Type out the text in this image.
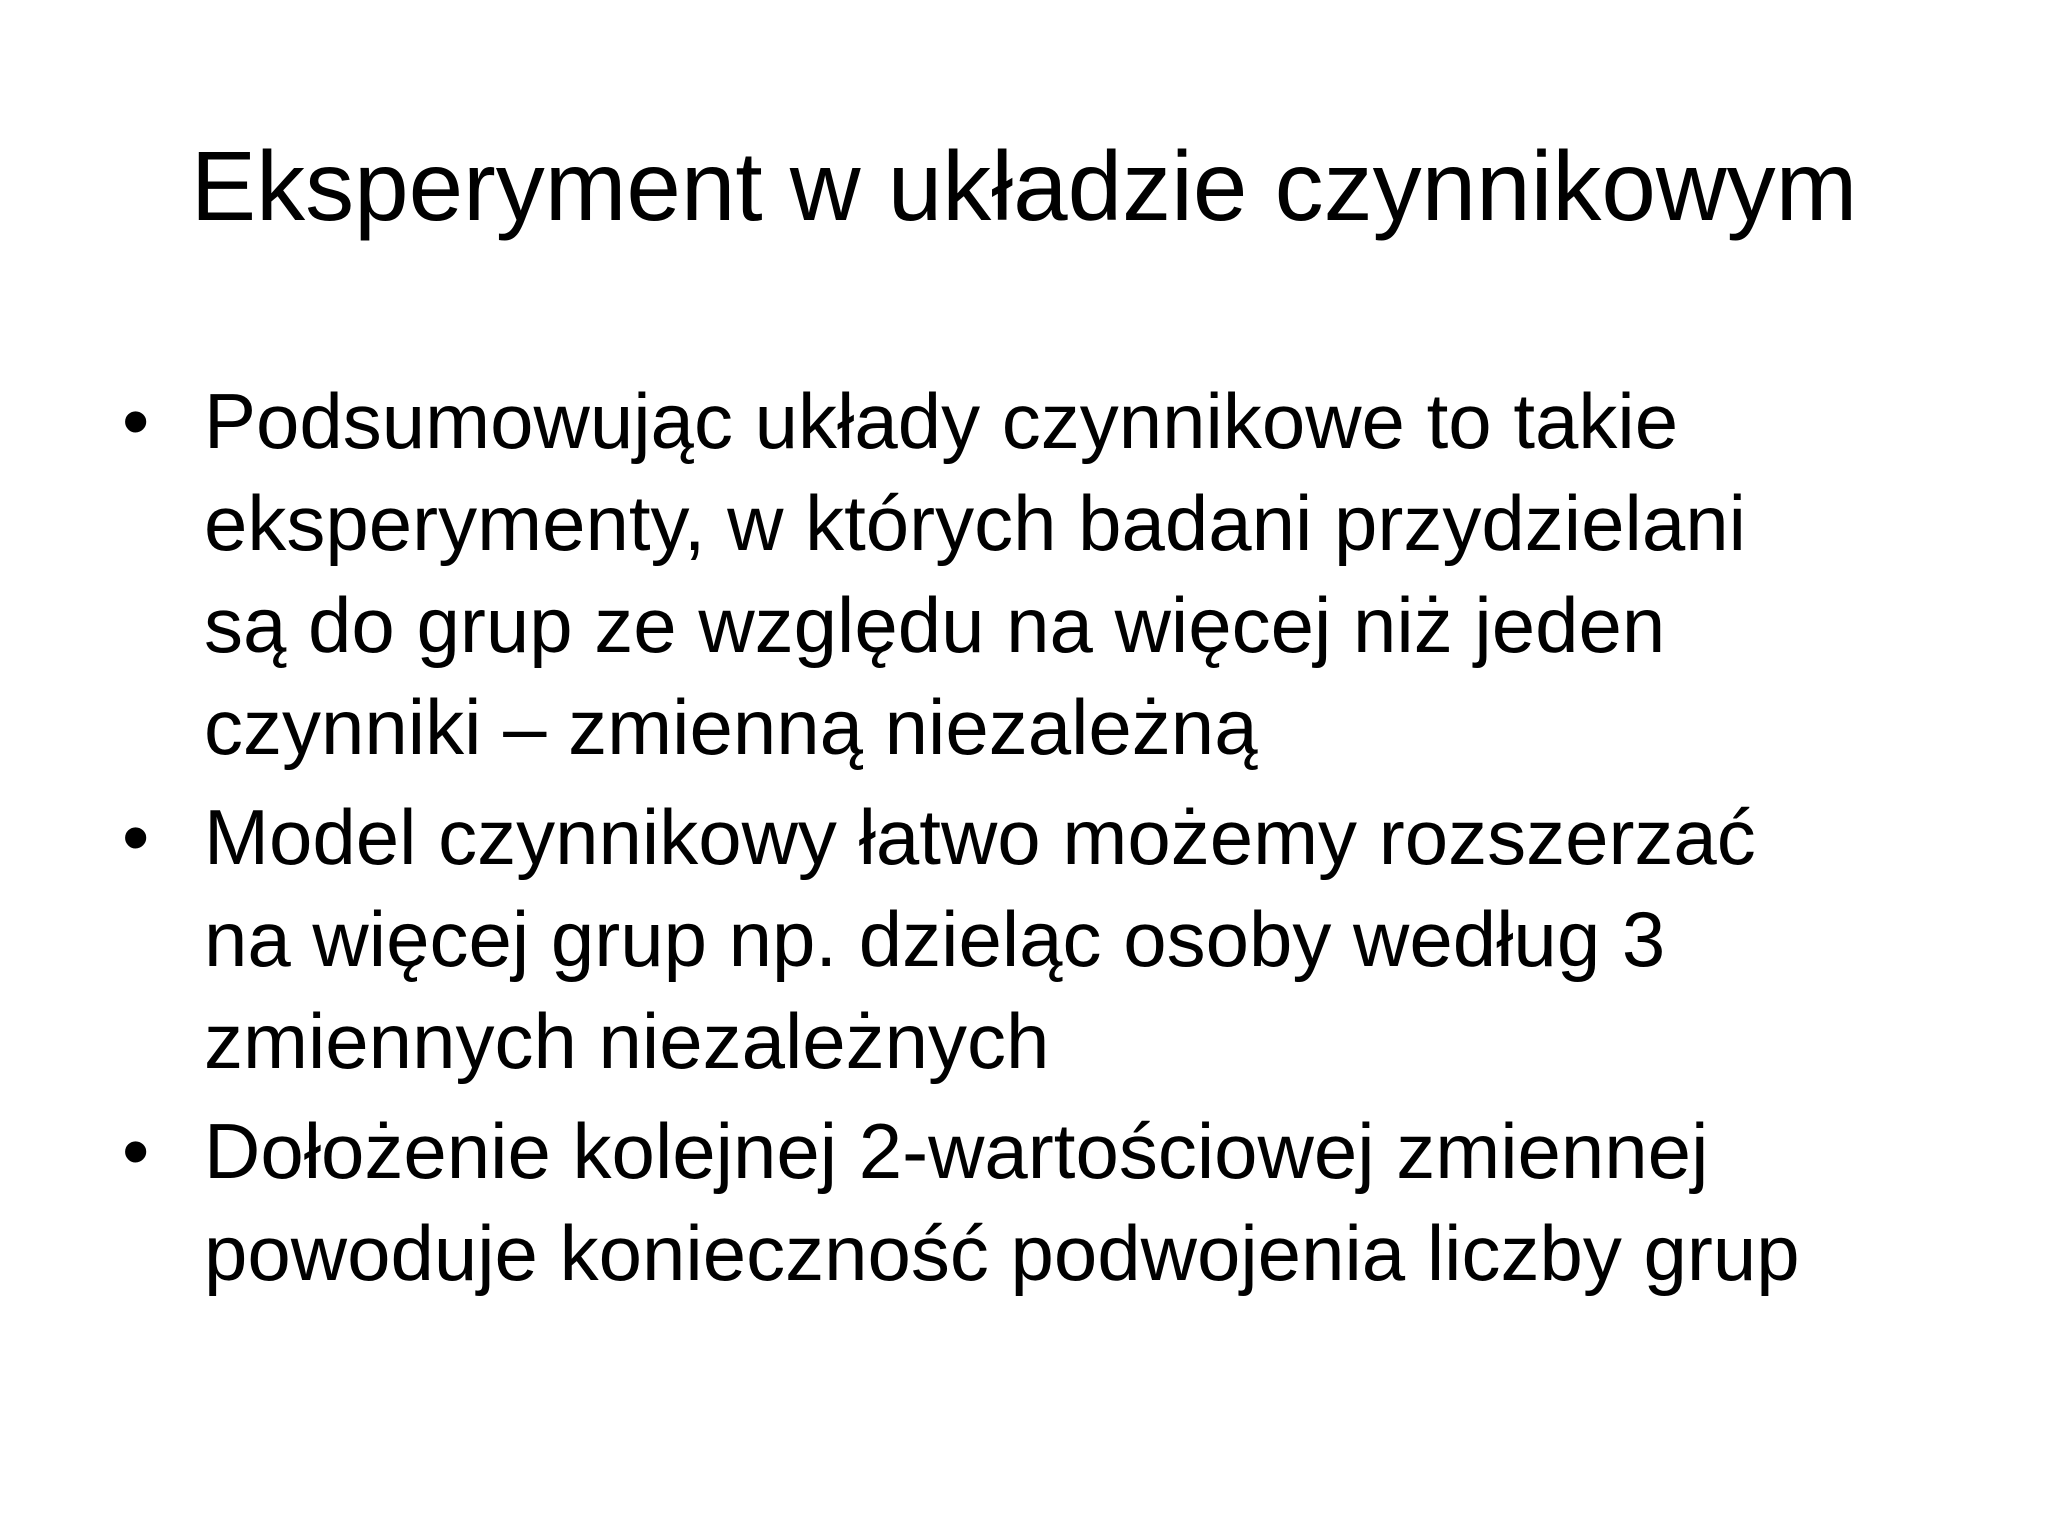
Eksperyment w układzie czynnikowym
• Podsumowując układy czynnikowe to takie
eksperymenty, w których badani przydzielani
są do grup ze względu na więcej niż jeden
czynniki – zmienną niezależną
• Model czynnikowy łatwo możemy rozszerzać
na więcej grup np. dzieląc osoby według 3
zmiennych niezależnych
• Dołożenie kolejnej 2-wartościowej zmiennej
powoduje konieczność podwojenia liczby grup
